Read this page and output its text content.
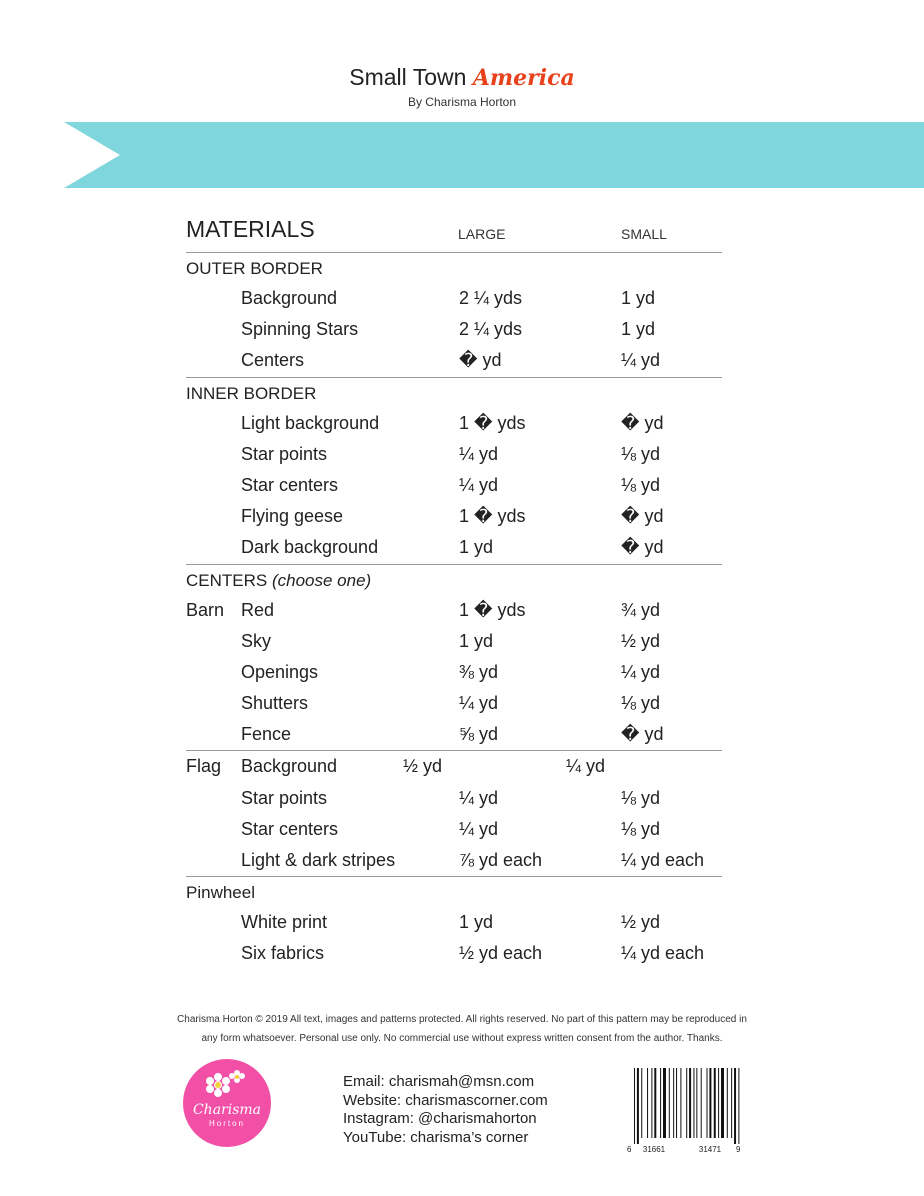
Small Town America
By Charisma Horton
MATERIALS	LARGE	SMALL
OUTER BORDER
Background	2 ¼ yds	1 yd
Spinning Stars	2 ¼ yds	1 yd
Centers	� yd	¼ yd
INNER BORDER
Light background	1 � yds	� yd
Star points	¼ yd	⅛ yd
Star centers	¼ yd	⅛ yd
Flying geese	1 � yds	� yd
Dark background	1 yd	� yd
CENTERS (choose one)
Barn Red	1 � yds	¾ yd
Sky	1 yd	½ yd
Openings	⅜ yd	¼ yd
Shutters	¼ yd	⅛ yd
Fence	⅝ yd	� yd
Flag Background	½ yd	¼ yd
Star points	¼ yd	⅛ yd
Star centers	¼ yd	⅛ yd
Light & dark stripes	⅞ yd each	¼ yd each
Pinwheel
White print	1 yd	½ yd
Six fabrics	½ yd each	¼ yd each
Charisma Horton © 2019 All text, images and patterns protected. All rights reserved. No part of this pattern may be reproduced in
any form whatsoever. Personal use only. No commercial use without express written consent from the author. Thanks.
Charisma
Horton
Email: charismah@msn.com
Website: charismascorner.com
Instagram: @charismahorton
YouTube: charisma’s corner
6 31661	31471 9
